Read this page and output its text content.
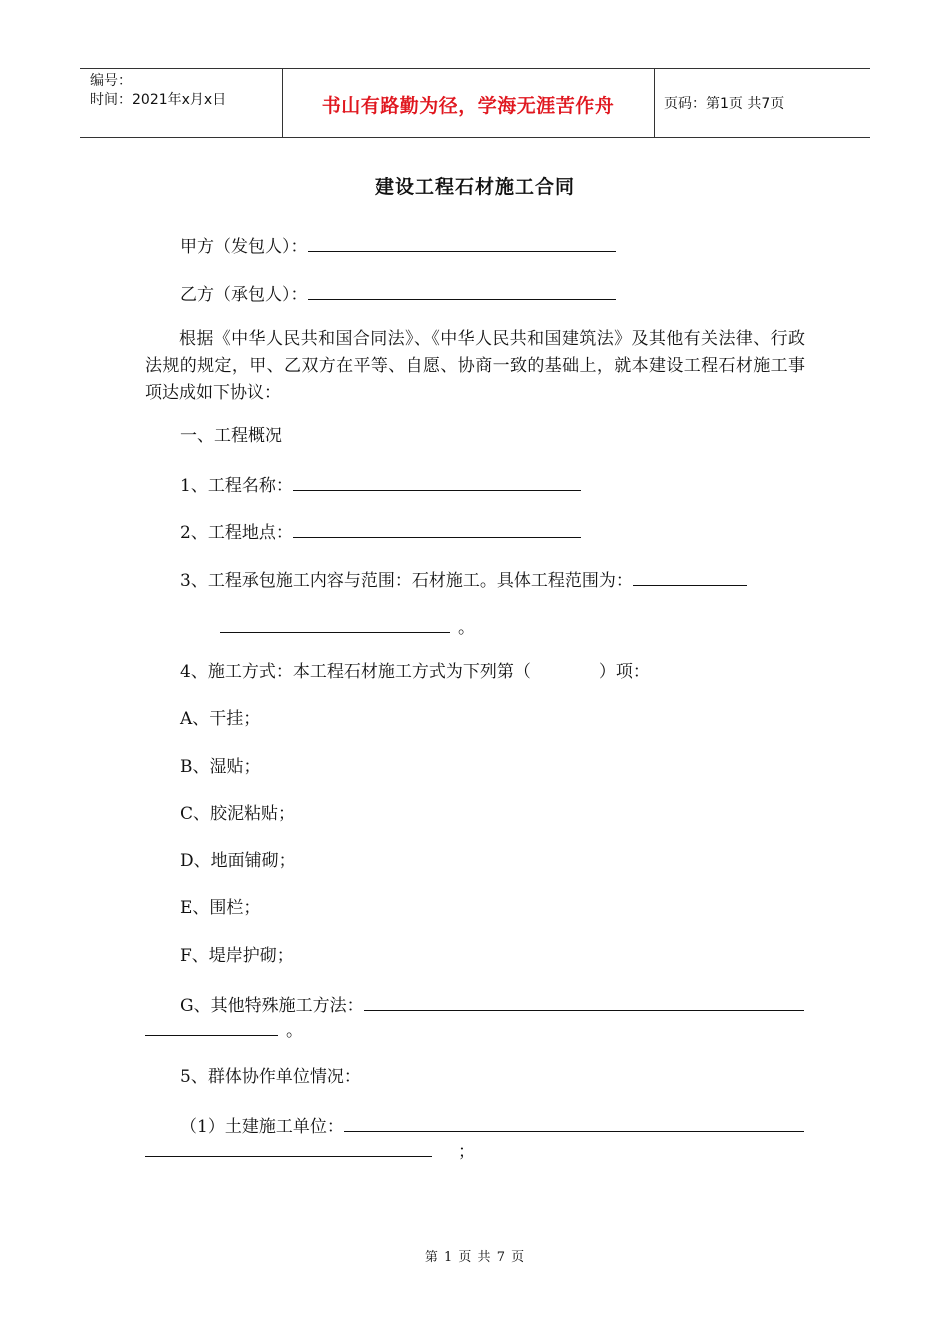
编号：
时间：2021年x月x日	书山有路勤为径，学海无涯苦作舟	页码：第1页 共7页
建设工程石材施工合同
甲方（发包人）：
乙方（承包人）：
根据《中华人民共和国合同法》、《中华人民共和国建筑法》及其他有关法律、行政法规的规定，甲、乙双方在平等、自愿、协商一致的基础上，就本建设工程石材施工事项达成如下协议：
一、工程概况
1、工程名称：
2、工程地点：
3、工程承包施工内容与范围：石材施工。具体工程范围为：
。
4、施工方式：本工程石材施工方式为下列第（	）项：
A、干挂；
B、湿贴；
C、胶泥粘贴；
D、地面铺砌；
E、围栏；
F、堤岸护砌；
G、其他特殊施工方法：
。
5、群体协作单位情况：
（1）土建施工单位：
；
第 1 页 共 7 页
